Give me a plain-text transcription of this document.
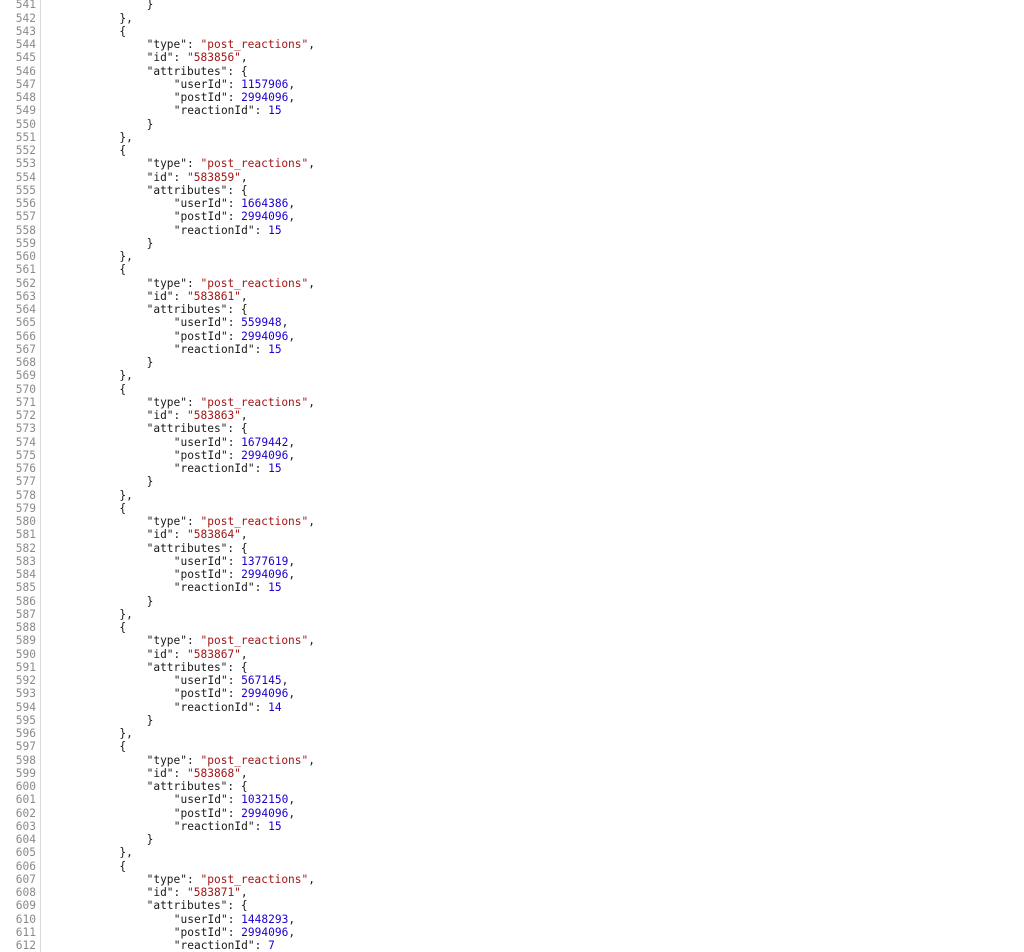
541	}
542	},
543	{
544	"type": "post_reactions",
545	"id": "583856",
546	"attributes": {
547	"userId": 1157906,
548	"postId": 2994096,
549	"reactionId": 15
550	}
551	},
552	{
553	"type": "post_reactions",
554	"id": "583859",
555	"attributes": {
556	"userId": 1664386,
557	"postId": 2994096,
558	"reactionId": 15
559	}
560	},
561	{
562	"type": "post_reactions",
563	"id": "583861",
564	"attributes": {
565	"userId": 559948,
566	"postId": 2994096,
567	"reactionId": 15
568	}
569	},
570	{
571	"type": "post_reactions",
572	"id": "583863",
573	"attributes": {
574	"userId": 1679442,
575	"postId": 2994096,
576	"reactionId": 15
577	}
578	},
579	{
580	"type": "post_reactions",
581	"id": "583864",
582	"attributes": {
583	"userId": 1377619,
584	"postId": 2994096,
585	"reactionId": 15
586	}
587	},
588	{
589	"type": "post_reactions",
590	"id": "583867",
591	"attributes": {
592	"userId": 567145,
593	"postId": 2994096,
594	"reactionId": 14
595	}
596	},
597	{
598	"type": "post_reactions",
599	"id": "583868",
600	"attributes": {
601	"userId": 1032150,
602	"postId": 2994096,
603	"reactionId": 15
604	}
605	},
606	{
607	"type": "post_reactions",
608	"id": "583871",
609	"attributes": {
610	"userId": 1448293,
611	"postId": 2994096,
612	"reactionId": 7
